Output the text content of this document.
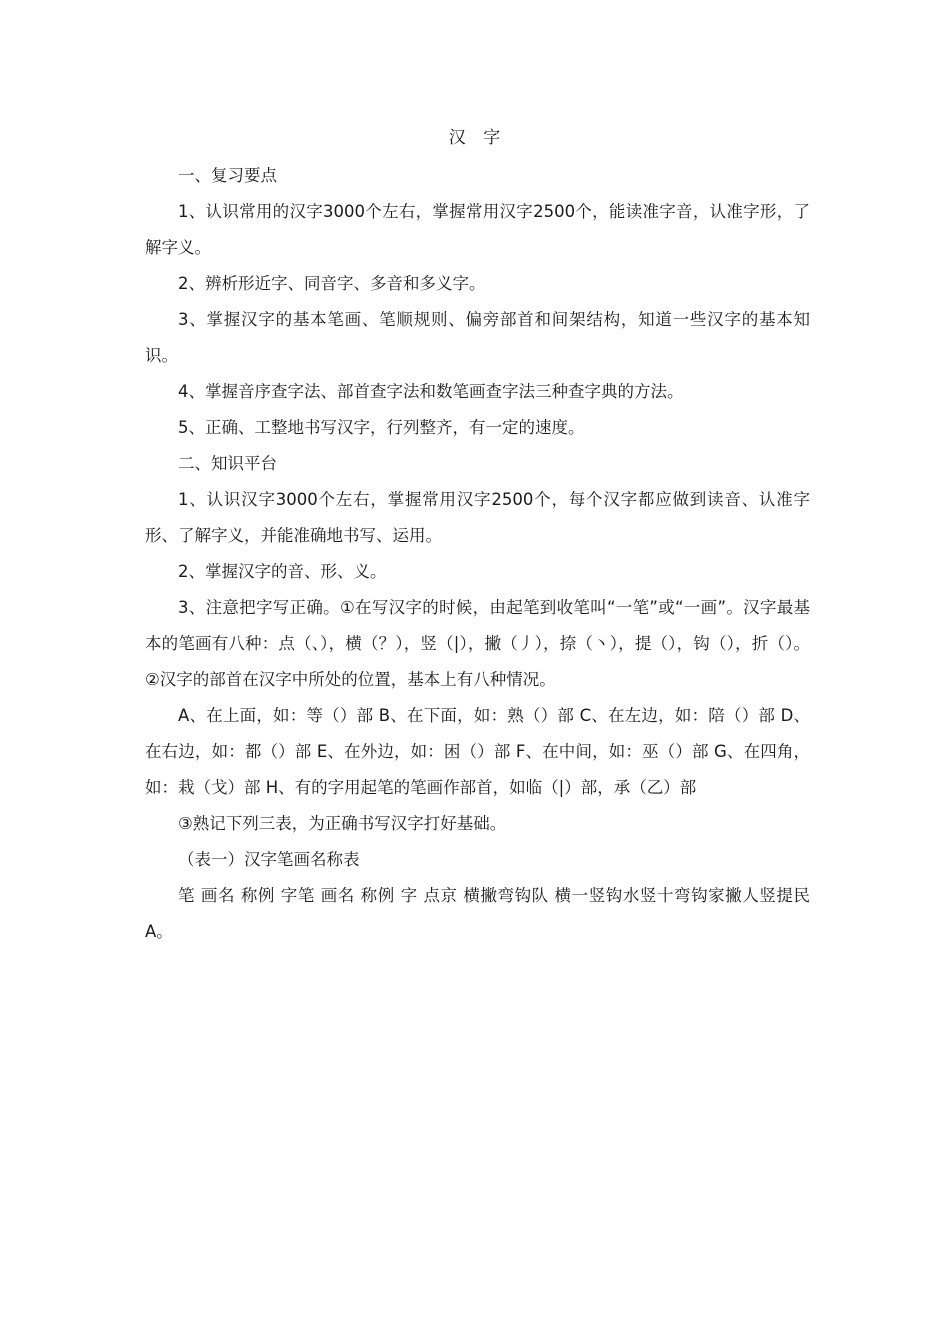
汉 字

一、复习要点

1、认识常用的汉字3000个左右，掌握常用汉字2500个，能读准字音，认准字形，了解字义。

2、辨析形近字、同音字、多音和多义字。

3、掌握汉字的基本笔画、笔顺规则、偏旁部首和间架结构，知道一些汉字的基本知识。

4、掌握音序查字法、部首查字法和数笔画查字法三种查字典的方法。

5、正确、工整地书写汉字，行列整齐，有一定的速度。

二、知识平台

1、认识汉字3000个左右，掌握常用汉字2500个，每个汉字都应做到读音、认准字形、了解字义，并能准确地书写、运用。

2、掌握汉字的音、形、义。

3、注意把字写正确。①在写汉字的时候，由起笔到收笔叫“一笔”或“一画”。汉字最基本的笔画有八种：点（、），横（？），竖（|），撇（丿），捺（丶），提（），钩（），折（）。②汉字的部首在汉字中所处的位置，基本上有八种情况。

A、在上面，如：等（）部 B、在下面，如：熟（）部 C、在左边，如：陪（）部 D、在右边，如：都（）部 E、在外边，如：困（）部 F、在中间，如：巫（）部 G、在四角，如：栽（戈）部 H、有的字用起笔的笔画作部首，如临（|）部，承（乙）部

③熟记下列三表，为正确书写汉字打好基础。

（表一）汉字笔画名称表

笔 画名 称例 字笔 画名 称例 字 点京 横撇弯钩队 横一竖钩水竖十弯钩家撇人竖提民A。
